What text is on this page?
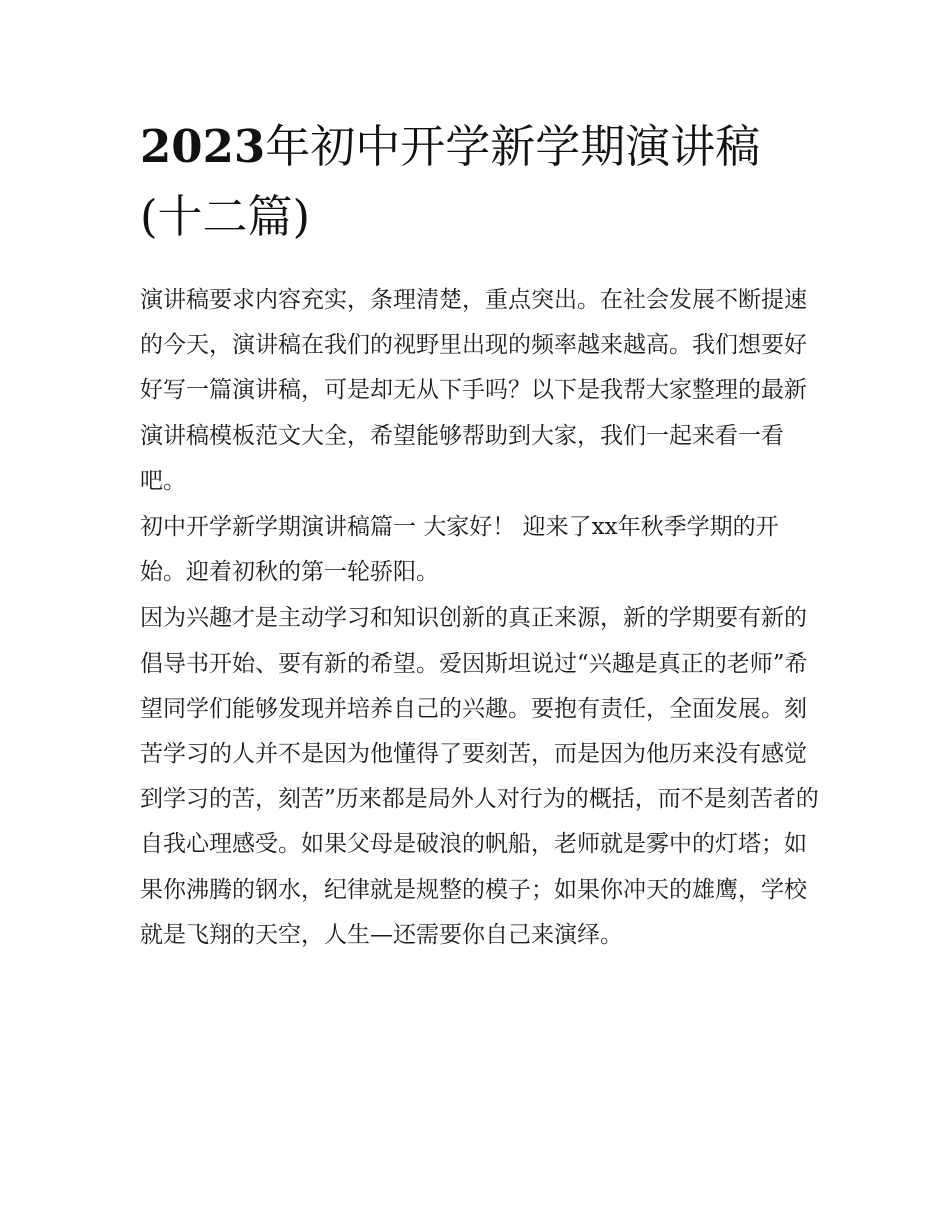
2023年初中开学新学期演讲稿(十二篇)

演讲稿要求内容充实，条理清楚，重点突出。在社会发展不断提速的今天，演讲稿在我们的视野里出现的频率越来越高。我们想要好好写一篇演讲稿，可是却无从下手吗？以下是我帮大家整理的最新演讲稿模板范文大全，希望能够帮助到大家，我们一起来看一看吧。

初中开学新学期演讲稿篇一 大家好！ 迎来了xx年秋季学期的开始。迎着初秋的第一轮骄阳。

因为兴趣才是主动学习和知识创新的真正来源，新的学期要有新的倡导书开始、要有新的希望。爱因斯坦说过“兴趣是真正的老师”希望同学们能够发现并培养自己的兴趣。要抱有责任，全面发展。刻苦学习的人并不是因为他懂得了要刻苦，而是因为他历来没有感觉到学习的苦，刻苦”历来都是局外人对行为的概括，而不是刻苦者的自我心理感受。如果父母是破浪的帆船，老师就是雾中的灯塔；如果你沸腾的钢水，纪律就是规整的模子；如果你冲天的雄鹰，学校就是飞翔的天空，人生—还需要你自己来演绎。
